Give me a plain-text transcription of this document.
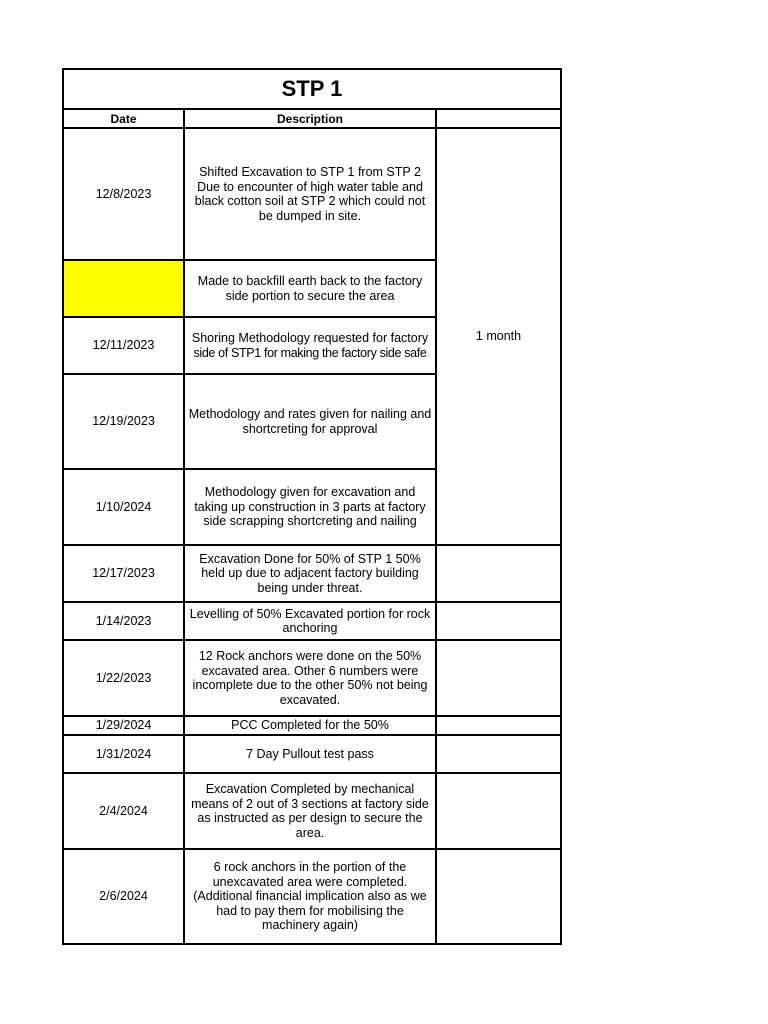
STP 1		
Date	Description	
12/8/2023	Shifted Excavation to STP 1 from STP 2 Due to encounter of high water table and black cotton soil at STP 2 which could not be dumped in site.	1 month
	Made to backfill earth back to the factory side portion to secure the area	
12/11/2023	Shoring Methodology requested for factory
side of STP1 for making the factory side safe	
12/19/2023	Methodology and rates given for nailing and shortcreting for approval	
1/10/2024	Methodology given for excavation and taking up construction in 3 parts at factory side scrapping shortcreting and nailing	
12/17/2023	Excavation Done for 50% of STP 1 50% held up due to adjacent factory building being under threat.	
1/14/2023	Levelling of 50% Excavated portion for rock anchoring	
1/22/2023	12 Rock anchors were done on the 50% excavated area. Other 6 numbers were incomplete due to the other 50% not being excavated.	
1/29/2024	PCC Completed for the 50%	
1/31/2024	7 Day Pullout test pass	
2/4/2024	Excavation Completed by mechanical means of 2 out of 3 sections at factory side as instructed as per design to secure the area.	
2/6/2024	6 rock anchors in the portion of the unexcavated area were completed. (Additional financial implication also as we had to pay them for mobilising the machinery again)	
